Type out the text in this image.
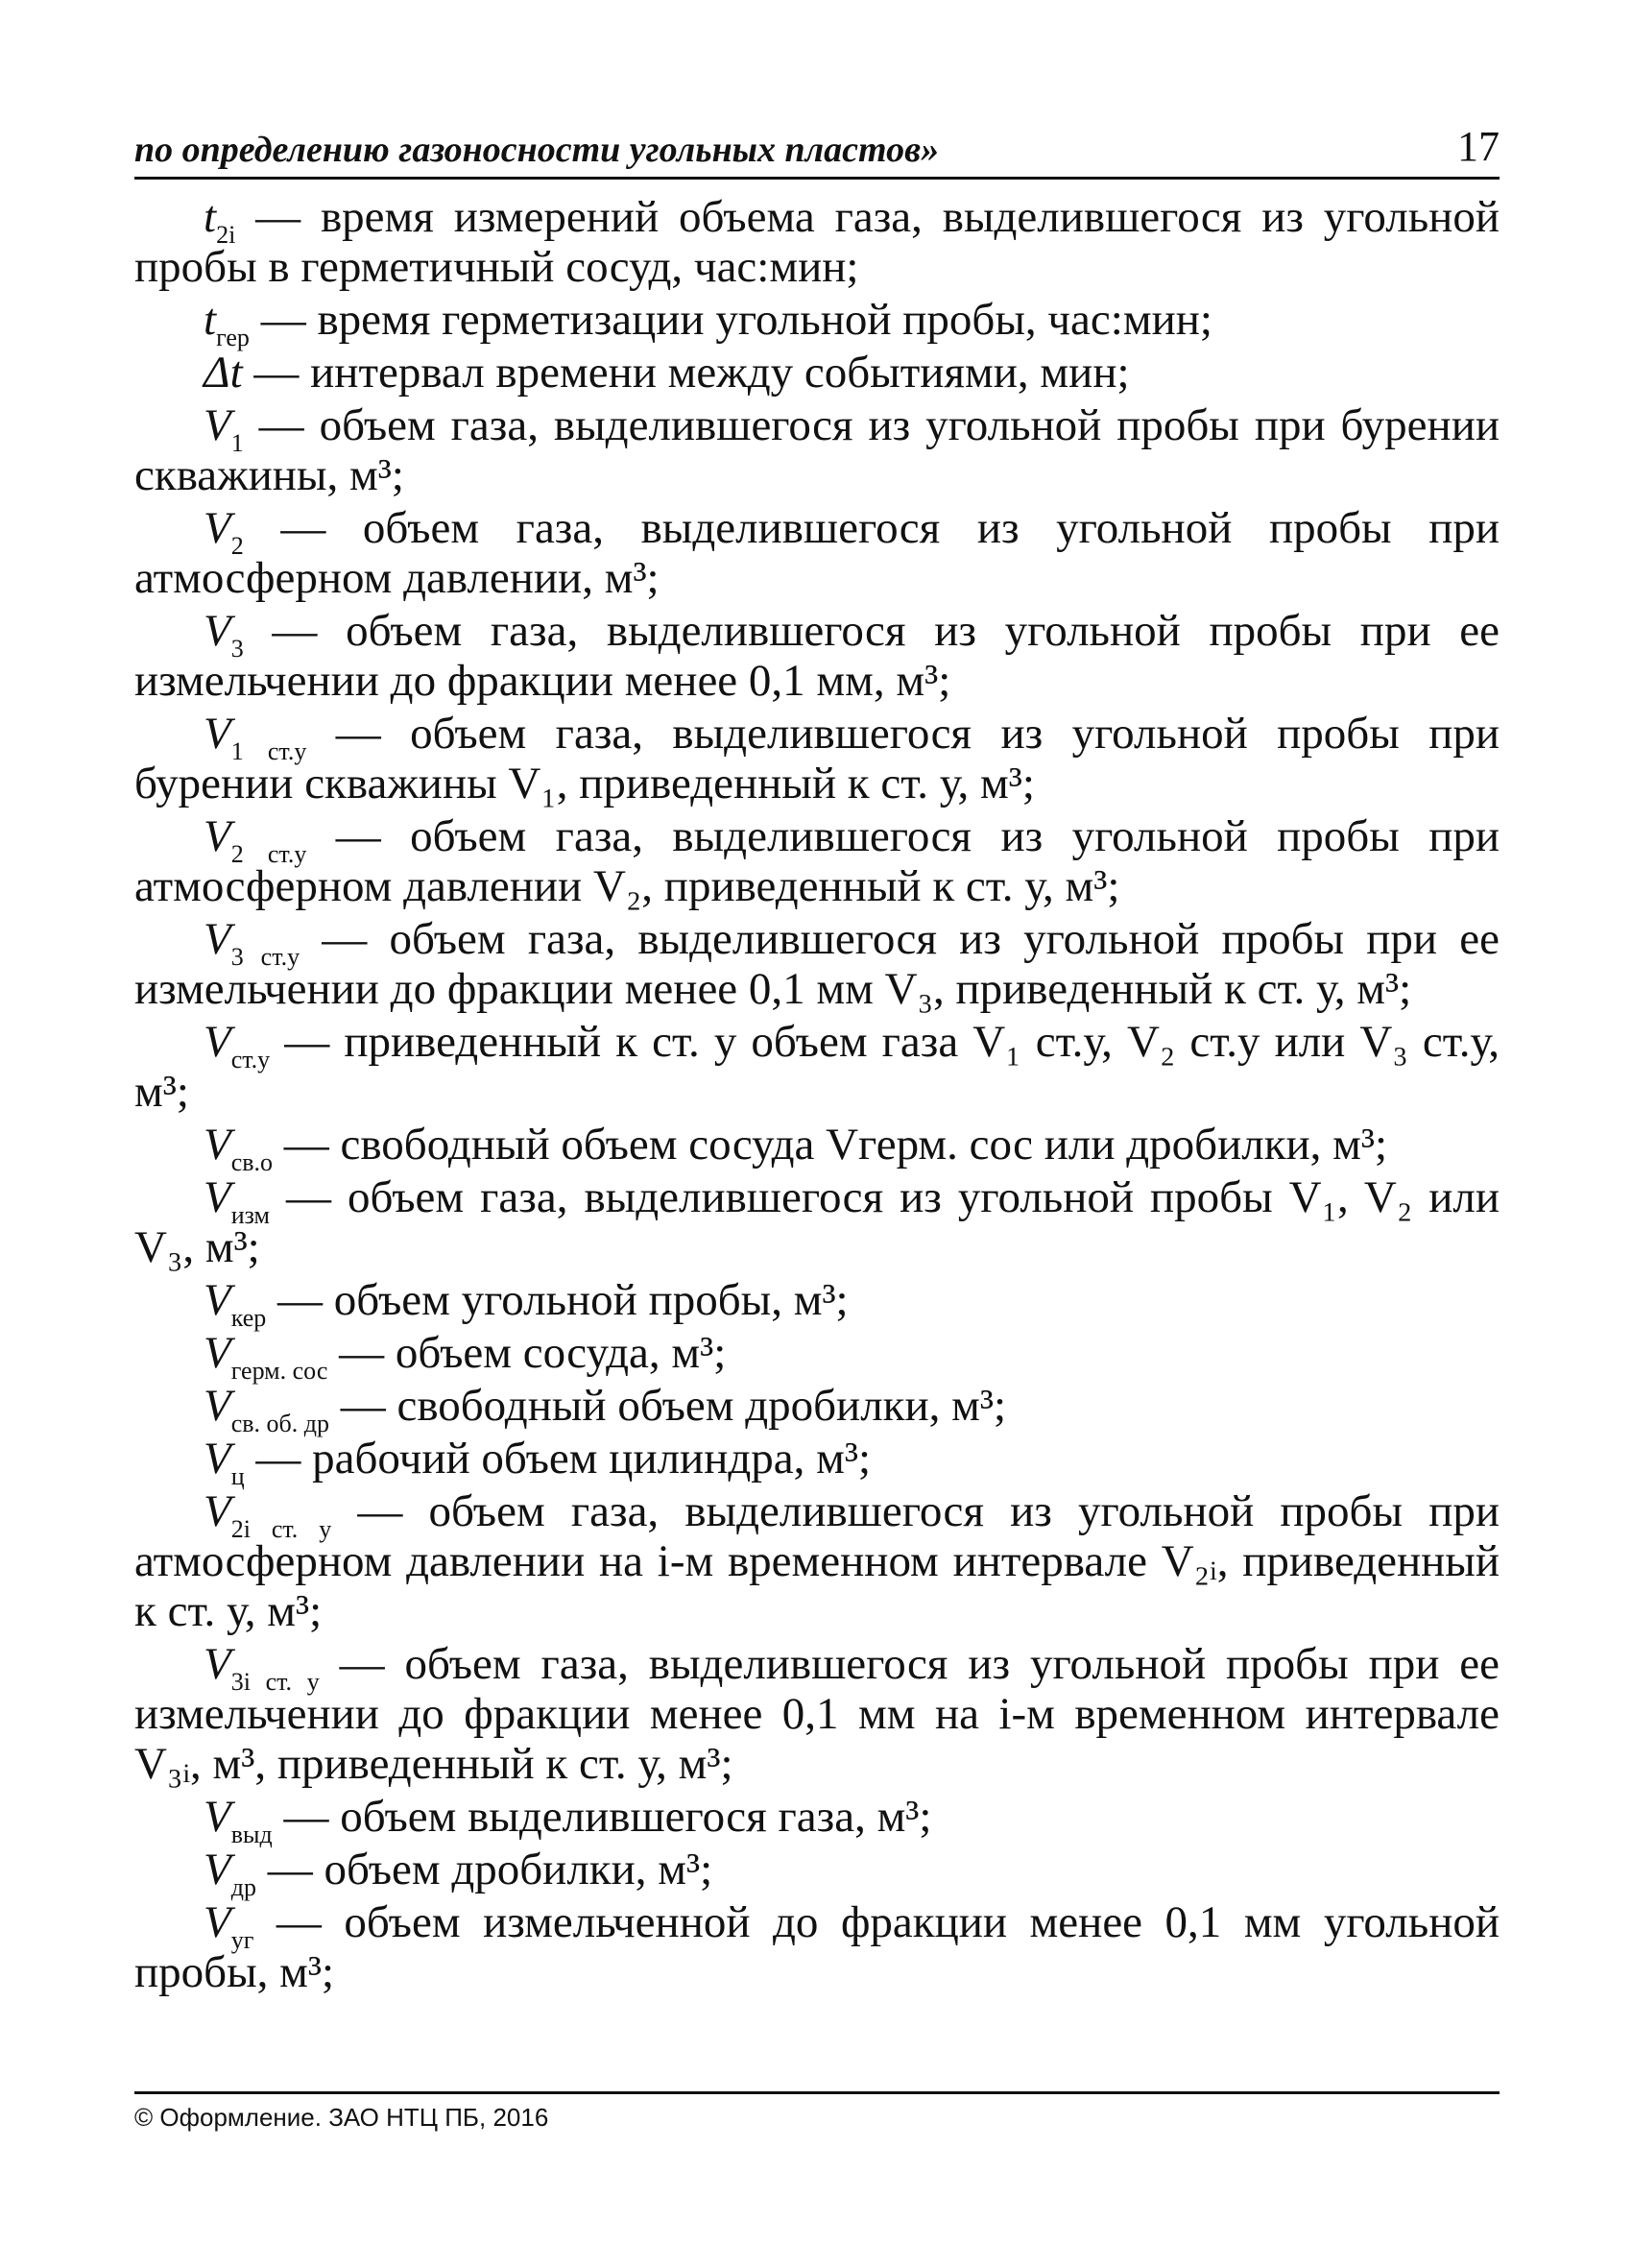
по определению газоносности угольных пластов»	17

$t_{2i}$ — время измерений объема газа, выделившегося из угольной пробы в герметичный сосуд, час:мин;

$t_{гер}$ — время герметизации угольной пробы, час:мин;

Δt — интервал времени между событиями, мин;

$V_1$ — объем газа, выделившегося из угольной пробы при бурении скважины, м³;

$V_2$ — объем газа, выделившегося из угольной пробы при атмосферном давлении, м³;

$V_3$ — объем газа, выделившегося из угольной пробы при ее измельчении до фракции менее 0,1 мм, м³;

$V_{1 ст.у}$ — объем газа, выделившегося из угольной пробы при бурении скважины V₁, приведенный к ст. у, м³;

$V_{2 ст.у}$ — объем газа, выделившегося из угольной пробы при атмосферном давлении V₂, приведенный к ст. у, м³;

$V_{3 ст.у}$ — объем газа, выделившегося из угольной пробы при ее измельчении до фракции менее 0,1 мм V₃, приведенный к ст. у, м³;

$V_{ст.у}$ — приведенный к ст. у объем газа V₁ ст.у, V₂ ст.у или V₃ ст.у, м³;

$V_{св.о}$ — свободный объем сосуда Vгерм. сос или дробилки, м³;

$V_{изм}$ — объем газа, выделившегося из угольной пробы V₁, V₂ или V₃, м³;

$V_{кер}$ — объем угольной пробы, м³;

$V_{герм. сос}$ — объем сосуда, м³;

$V_{св. об. др}$ — свободный объем дробилки, м³;

$V_ц$ — рабочий объем цилиндра, м³;

$V_{2i ст. у}$ — объем газа, выделившегося из угольной пробы при атмосферном давлении на i-м временном интервале V₂ᵢ, приведенный к ст. у, м³;

$V_{3i ст. у}$ — объем газа, выделившегося из угольной пробы при ее измельчении до фракции менее 0,1 мм на i-м временном интервале V₃ᵢ, м³, приведенный к ст. у, м³;

$V_{выд}$ — объем выделившегося газа, м³;

$V_{др}$ — объем дробилки, м³;

$V_{уг}$ — объем измельченной до фракции менее 0,1 мм угольной пробы, м³;

© Оформление. ЗАО НТЦ ПБ, 2016
